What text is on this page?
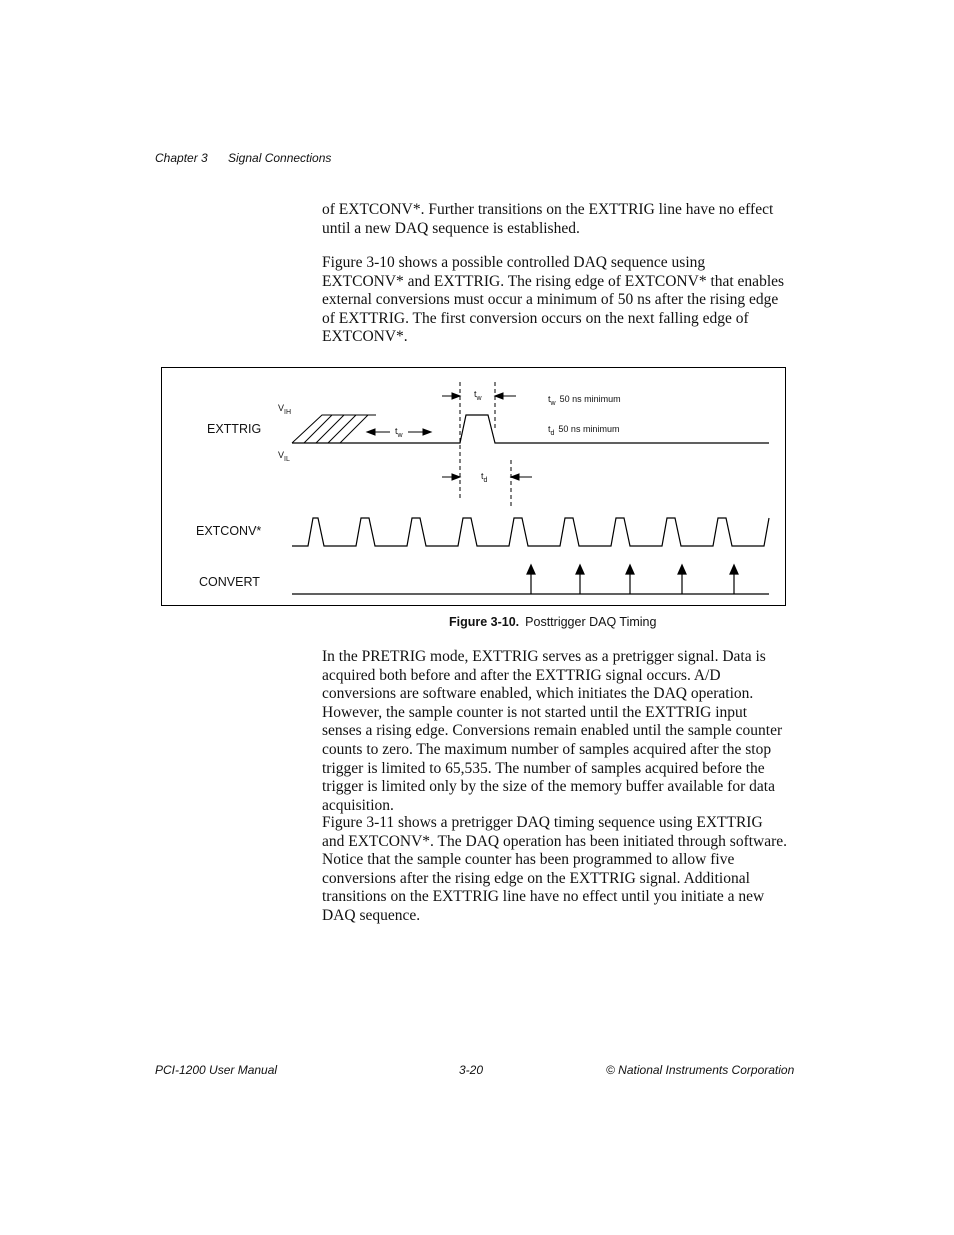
Chapter 3 Signal Connections

of EXTCONV*. Further transitions on the EXTTRIG line have no effect until a new DAQ sequence is established.

Figure 3-10 shows a possible controlled DAQ sequence using EXTCONV* and EXTTRIG. The rising edge of EXTCONV* that enables external conversions must occur a minimum of 50 ns after the rising edge of EXTTRIG. The first conversion occurs on the next falling edge of EXTCONV*.

EXTTRIG
EXTCONV*
CONVERT
$V_{IH}$
$V_{IL}$
$t_w$
$t_w$
$t_d$
$t_w$ 50 ns minimum
$t_d$ 50 ns minimum
Figure 3-10. Posttrigger DAQ Timing

In the PRETRIG mode, EXTTRIG serves as a pretrigger signal. Data is acquired both before and after the EXTTRIG signal occurs. A/D conversions are software enabled, which initiates the DAQ operation. However, the sample counter is not started until the EXTTRIG input senses a rising edge. Conversions remain enabled until the sample counter counts to zero. The maximum number of samples acquired after the stop trigger is limited to 65,535. The number of samples acquired before the trigger is limited only by the size of the memory buffer available for data acquisition.

Figure 3-11 shows a pretrigger DAQ timing sequence using EXTTRIG and EXTCONV*. The DAQ operation has been initiated through software. Notice that the sample counter has been programmed to allow five conversions after the rising edge on the EXTTRIG signal. Additional transitions on the EXTTRIG line have no effect until you initiate a new DAQ sequence.

PCI-1200 User Manual	3-20	© National Instruments Corporation
